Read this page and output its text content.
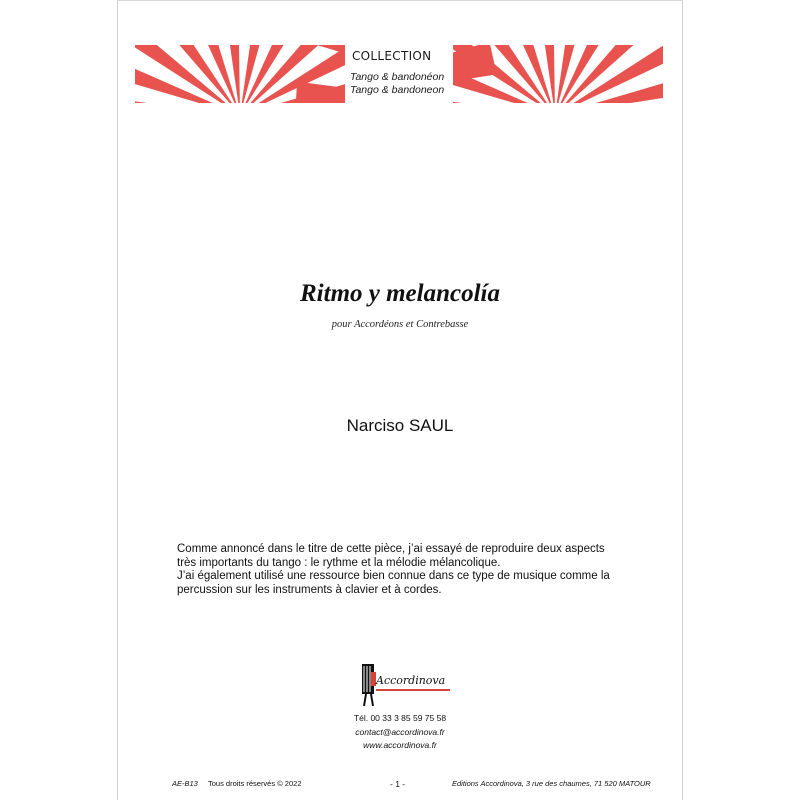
COLLECTION
Tango & bandonéon
Tango & bandoneon
Ritmo y melancolía
pour Accordéons et Contrebasse
Narciso SAUL
Comme annoncé dans le titre de cette pièce, j’ai essayé de reproduire deux aspects
très importants du tango : le rythme et la mélodie mélancolique.
J’ai également utilisé une ressource bien connue dans ce type de musique comme la
percussion sur les instruments à clavier et à cordes.
Accordinova
Tél. 00 33 3 85 59 75 58
contact@accordinova.fr
www.accordinova.fr
AE-B13 Tous droits réservés © 2022	- 1 -	Editions Accordinova, 3 rue des chaumes, 71 520 MATOUR
